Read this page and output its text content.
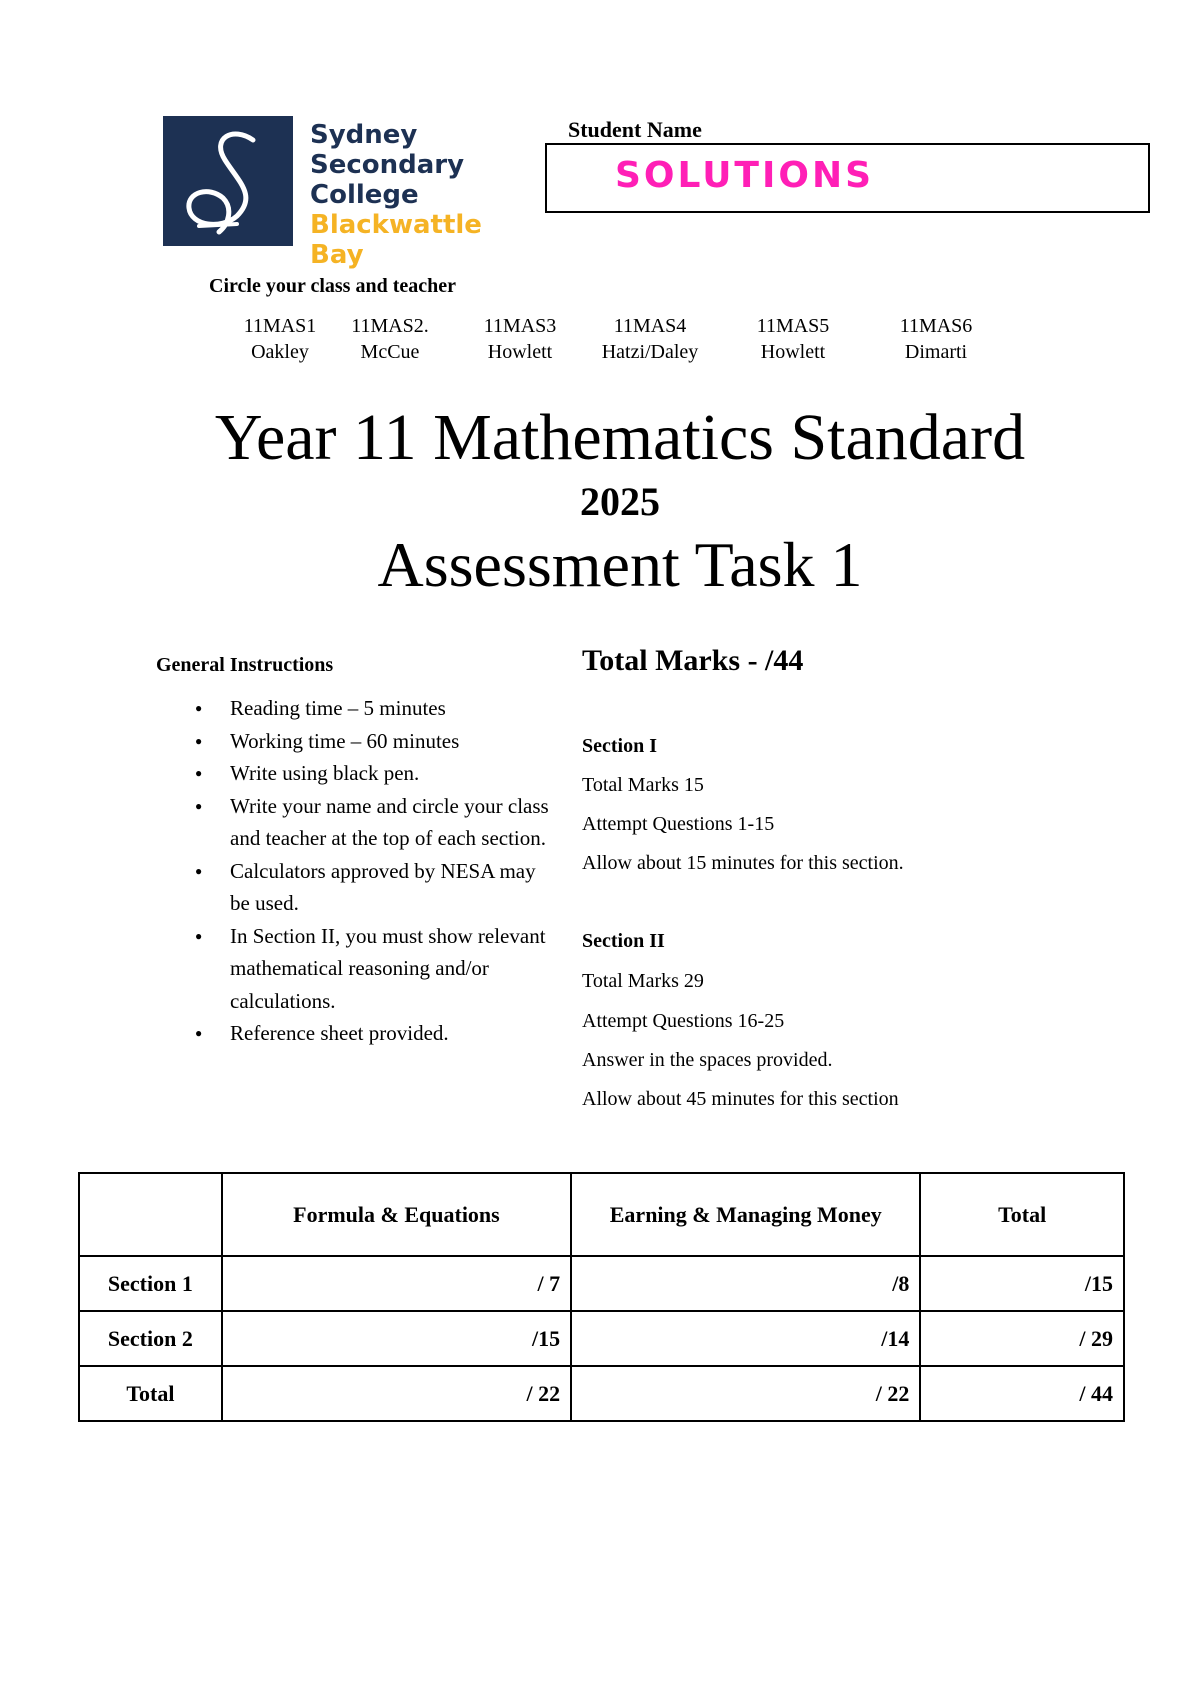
Sydney
Secondary
College
Blackwattle Bay
Student Name
SOLUTIONS
Circle your class and teacher
11MAS1
Oakley
11MAS2.
McCue
11MAS3
Howlett
11MAS4
Hatzi/Daley
11MAS5
Howlett
11MAS6
Dimarti
Year 11 Mathematics Standard
2025
Assessment Task 1
General Instructions
● Reading time – 5 minutes
● Working time – 60 minutes
● Write using black pen.
● Write your name and circle your class and teacher at the top of each section.
● Calculators approved by NESA may be used.
● In Section II, you must show relevant mathematical reasoning and/or calculations.
● Reference sheet provided.
Total Marks - /44
Section I
Total Marks 15
Attempt Questions 1-15
Allow about 15 minutes for this section.
Section II
Total Marks 29
Attempt Questions 16-25
Answer in the spaces provided.
Allow about 45 minutes for this section
	Formula & Equations	Earning & Managing Money	Total
Section 1	/ 7	/8	/15
Section 2	/15	/14	/ 29
Total	/ 22	/ 22	/ 44
